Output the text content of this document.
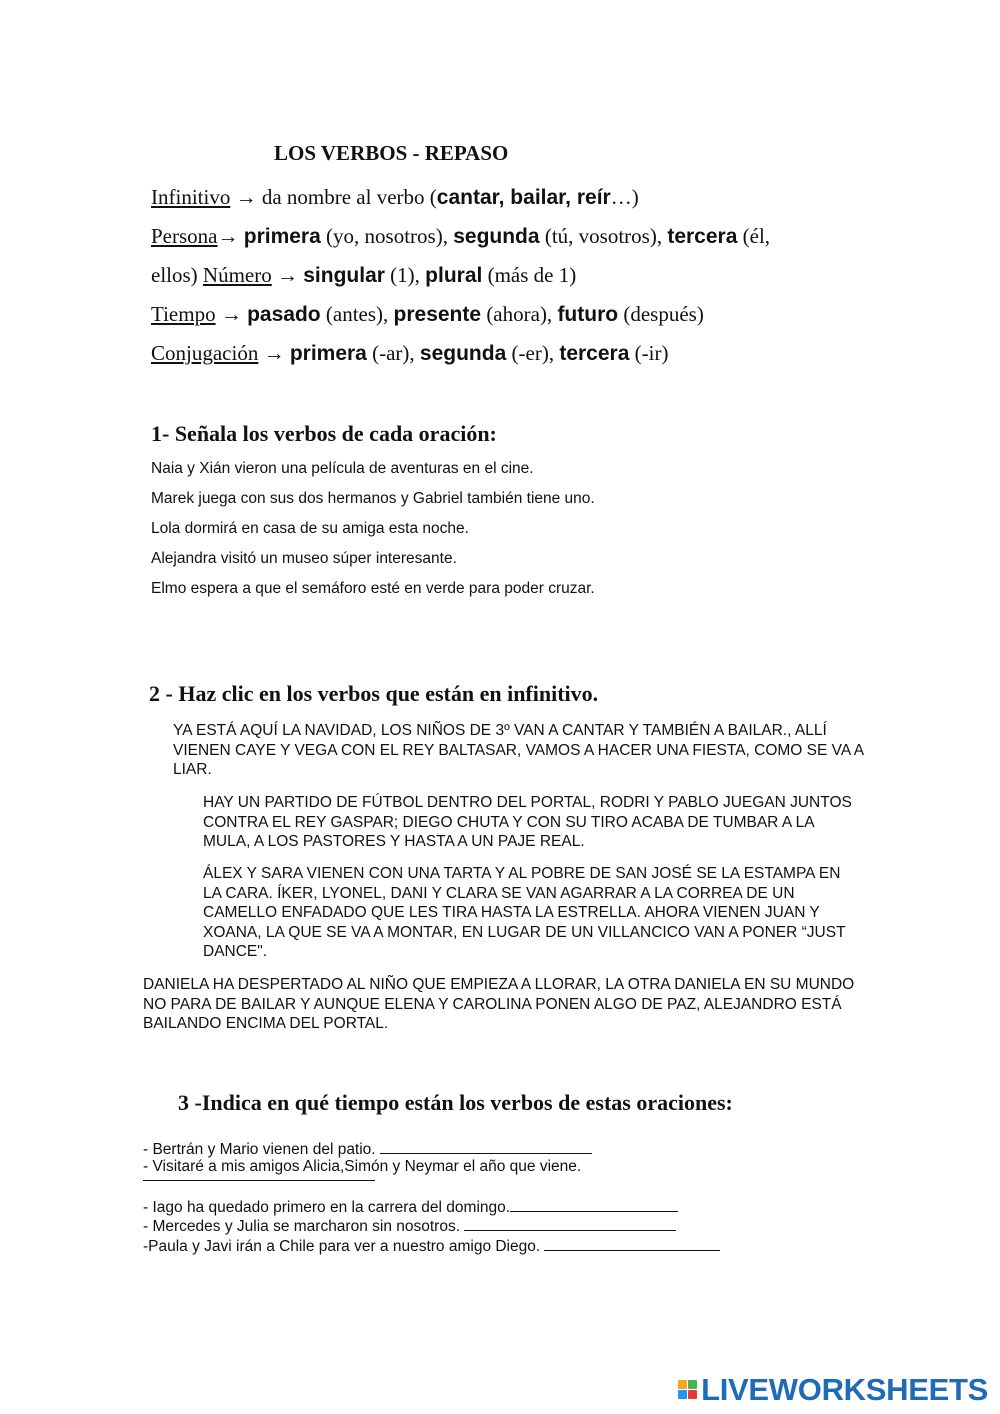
LOS VERBOS - REPASO
Infinitivo → da nombre al verbo (cantar, bailar, reír…)
Persona→ primera (yo, nosotros), segunda (tú, vosotros), tercera (él,
ellos) Número → singular (1), plural (más de 1)
Tiempo → pasado (antes), presente (ahora), futuro (después)
Conjugación → primera (-ar), segunda (-er), tercera (-ir)
1- Señala los verbos de cada oración:
Naia y Xián vieron una película de aventuras en el cine.
Marek juega con sus dos hermanos y Gabriel también tiene uno.
Lola dormirá en casa de su amiga esta noche.
Alejandra visitó un museo súper interesante.
Elmo espera a que el semáforo esté en verde para poder cruzar.
2 - Haz clic en los verbos que están en infinitivo.

YA ESTÁ AQUÍ LA NAVIDAD, LOS NIÑOS DE 3º VAN A CANTAR Y TAMBIÉN A BAILAR., ALLÍ VIENEN CAYE Y VEGA CON EL REY BALTASAR, VAMOS A HACER UNA FIESTA, COMO SE VA A LIAR.

HAY UN PARTIDO DE FÚTBOL DENTRO DEL PORTAL, RODRI Y PABLO JUEGAN JUNTOS CONTRA EL REY GASPAR; DIEGO CHUTA Y CON SU TIRO ACABA DE TUMBAR A LA MULA, A LOS PASTORES Y HASTA A UN PAJE REAL.

ÁLEX Y SARA VIENEN CON UNA TARTA Y AL POBRE DE SAN JOSÉ SE LA ESTAMPA EN LA CARA. ÍKER, LYONEL, DANI Y CLARA SE VAN AGARRAR A LA CORREA DE UN CAMELLO ENFADADO QUE LES TIRA HASTA LA ESTRELLA. AHORA VIENEN JUAN Y XOANA, LA QUE SE VA A MONTAR, EN LUGAR DE UN VILLANCICO VAN A PONER “JUST DANCE".

DANIELA HA DESPERTADO AL NIÑO QUE EMPIEZA A LLORAR, LA OTRA DANIELA EN SU MUNDO NO PARA DE BAILAR Y AUNQUE ELENA Y CAROLINA PONEN ALGO DE PAZ, ALEJANDRO ESTÁ BAILANDO ENCIMA DEL PORTAL.

3 -Indica en qué tiempo están los verbos de estas oraciones:
- Bertrán y Mario vienen del patio.
- Visitaré a mis amigos Alicia,Simón y Neymar el año que viene.
- Iago ha quedado primero en la carrera del domingo.
- Mercedes y Julia se marcharon sin nosotros.
-Paula y Javi irán a Chile para ver a nuestro amigo Diego.
LIVEWORKSHEETS
